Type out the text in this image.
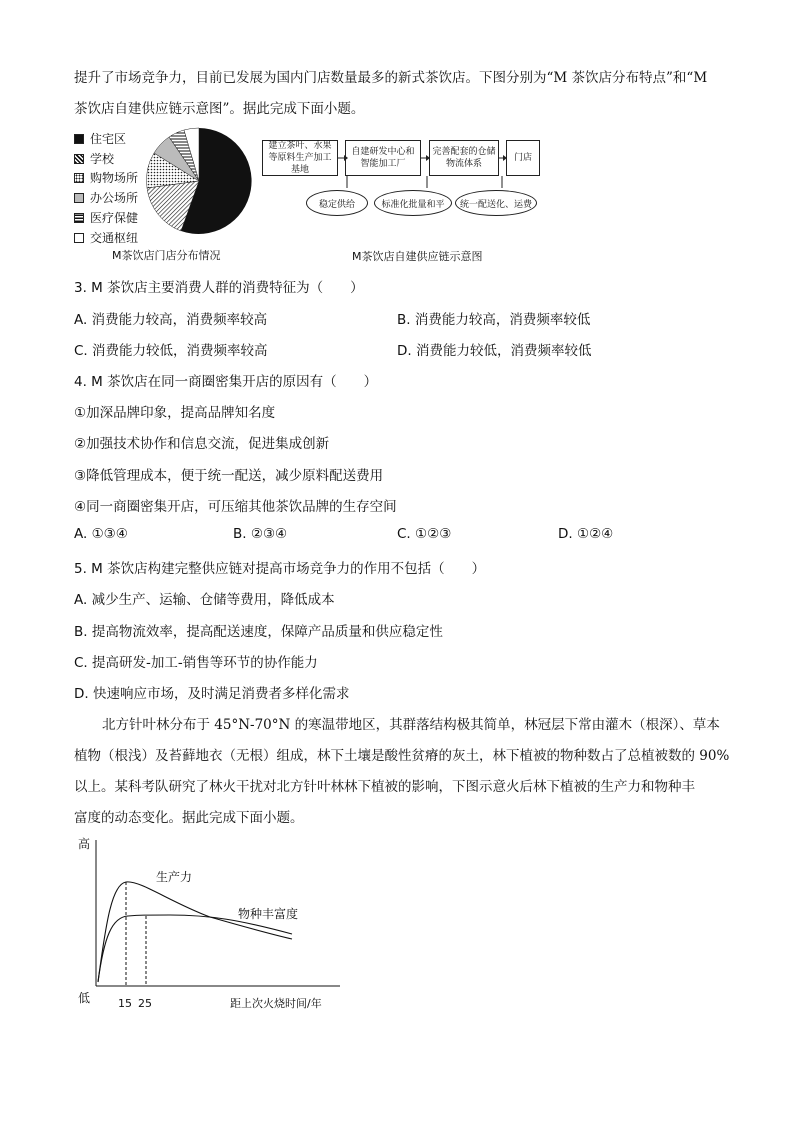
提升了市场竞争力，目前已发展为国内门店数量最多的新式茶饮店。下图分别为“M 茶饮店分布特点”和“M
茶饮店自建供应链示意图”。据此完成下面小题。
住宅区
学校
购物场所
办公场所
医疗保健
交通枢纽
M茶饮店门店分布情况
建立茶叶、水果等原料生产加工基地
自建研发中心和智能加工厂
完善配套的仓储物流体系
门店
稳定供给	标准化批量和平	统一配送化、运费
M茶饮店自建供应链示意图
3. M 茶饮店主要消费人群的消费特征为（　　）
A. 消费能力较高，消费频率较高	B. 消费能力较高，消费频率较低
C. 消费能力较低，消费频率较高	D. 消费能力较低，消费频率较低
4. M 茶饮店在同一商圈密集开店的原因有（　　）
①加深品牌印象，提高品牌知名度
②加强技术协作和信息交流，促进集成创新
③降低管理成本，便于统一配送，减少原料配送费用
④同一商圈密集开店，可压缩其他茶饮品牌的生存空间
A. ①③④	B. ②③④	C. ①②③	D. ①②④
5. M 茶饮店构建完整供应链对提高市场竞争力的作用不包括（　　）
A. 减少生产、运输、仓储等费用，降低成本
B. 提高物流效率，提高配送速度，保障产品质量和供应稳定性
C. 提高研发-加工-销售等环节的协作能力
D. 快速响应市场，及时满足消费者多样化需求
北方针叶林分布于 45°N-70°N 的寒温带地区，其群落结构极其简单，林冠层下常由灌木（根深）、草本
植物（根浅）及苔藓地衣（无根）组成，林下土壤是酸性贫瘠的灰土，林下植被的物种数占了总植被数的 90%
以上。某科考队研究了林火干扰对北方针叶林林下植被的影响，下图示意火后林下植被的生产力和物种丰
富度的动态变化。据此完成下面小题。
高
低
生产力
物种丰富度
15 25	距上次火烧时间/年
